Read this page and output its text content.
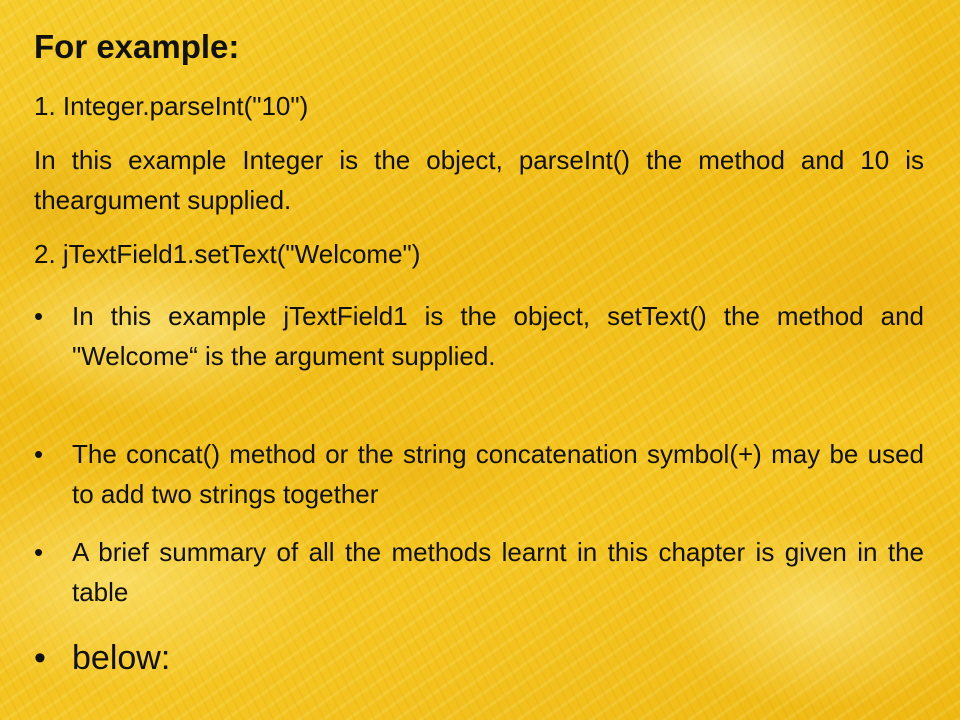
For example:

1. Integer.parseInt("10")

In this example Integer is the object, parseInt() the method and 10 is theargument supplied.

2. jTextField1.setText("Welcome")

•	In this example jTextField1 is the object, setText() the method and "Welcome“ is the argument supplied.
•	The concat() method or the string concatenation symbol(+) may be used to add two strings together
•	A brief summary of all the methods learnt in this chapter is given in the table
• below:
